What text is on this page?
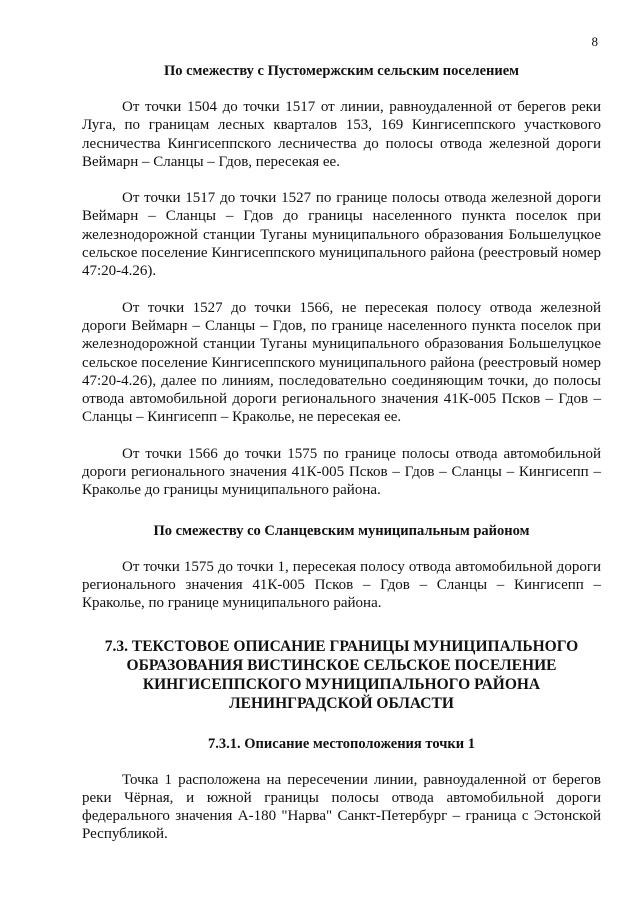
8

По смежеству с Пустомержским сельским поселением

От точки 1504 до точки 1517 от линии, равноудаленной от берегов реки Луга, по границам лесных кварталов 153, 169 Кингисеппского участкового лесничества Кингисеппского лесничества до полосы отвода железной дороги Веймарн – Сланцы – Гдов, пересекая ее.

От точки 1517 до точки 1527 по границе полосы отвода железной дороги Веймарн – Сланцы – Гдов до границы населенного пункта поселок при железнодорожной станции Туганы муниципального образования Большелуцкое сельское поселение Кингисеппского муниципального района (реестровый номер 47:20-4.26).

От точки 1527 до точки 1566, не пересекая полосу отвода железной дороги Веймарн – Сланцы – Гдов, по границе населенного пункта поселок при железнодорожной станции Туганы муниципального образования Большелуцкое сельское поселение Кингисеппского муниципального района (реестровый номер 47:20-4.26), далее по линиям, последовательно соединяющим точки, до полосы отвода автомобильной дороги регионального значения 41К-005 Псков – Гдов – Сланцы – Кингисепп – Краколье, не пересекая ее.

От точки 1566 до точки 1575 по границе полосы отвода автомобильной дороги регионального значения 41К-005 Псков – Гдов – Сланцы – Кингисепп – Краколье до границы муниципального района.

По смежеству со Сланцевским муниципальным районом

От точки 1575 до точки 1, пересекая полосу отвода автомобильной дороги регионального значения 41К-005 Псков – Гдов – Сланцы – Кингисепп – Краколье, по границе муниципального района.

7.3. ТЕКСТОВОЕ ОПИСАНИЕ ГРАНИЦЫ МУНИЦИПАЛЬНОГО

ОБРАЗОВАНИЯ ВИСТИНСКОЕ СЕЛЬСКОЕ ПОСЕЛЕНИЕ

КИНГИСЕППСКОГО МУНИЦИПАЛЬНОГО РАЙОНА

ЛЕНИНГРАДСКОЙ ОБЛАСТИ

7.3.1. Описание местоположения точки 1

Точка 1 расположена на пересечении линии, равноудаленной от берегов реки Чёрная, и южной границы полосы отвода автомобильной дороги федерального значения А-180 "Нарва" Санкт-Петербург – граница с Эстонской Республикой.
